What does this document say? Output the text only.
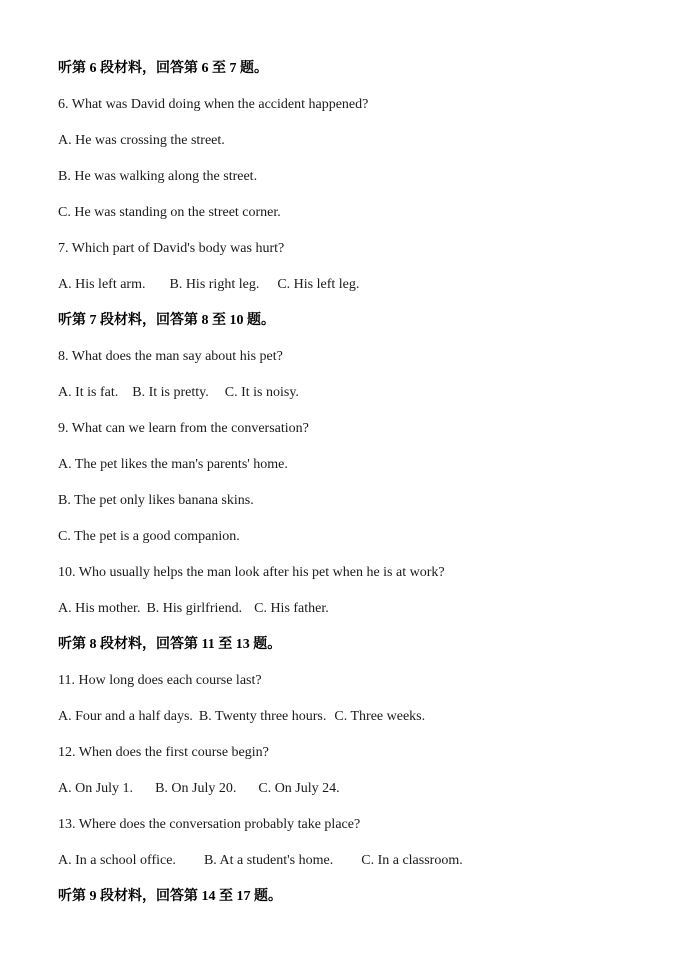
听第 6 段材料，回答第 6 至 7 题。
6. What was David doing when the accident happened?
A. He was crossing the street.
B. He was walking along the street.
C. He was standing on the street corner.
7. Which part of David's body was hurt?
A. His left arm. B. His right leg. C. His left leg.
听第 7 段材料，回答第 8 至 10 题。
8. What does the man say about his pet?
A. It is fat. B. It is pretty. C. It is noisy.
9. What can we learn from the conversation?
A. The pet likes the man's parents' home.
B. The pet only likes banana skins.
C. The pet is a good companion.
10. Who usually helps the man look after his pet when he is at work?
A. His mother. B. His girlfriend. C. His father.
听第 8 段材料，回答第 11 至 13 题。
11. How long does each course last?
A. Four and a half days. B. Twenty three hours. C. Three weeks.
12. When does the first course begin?
A. On July 1. B. On July 20. C. On July 24.
13. Where does the conversation probably take place?
A. In a school office. B. At a student's home. C. In a classroom.
听第 9 段材料，回答第 14 至 17 题。
